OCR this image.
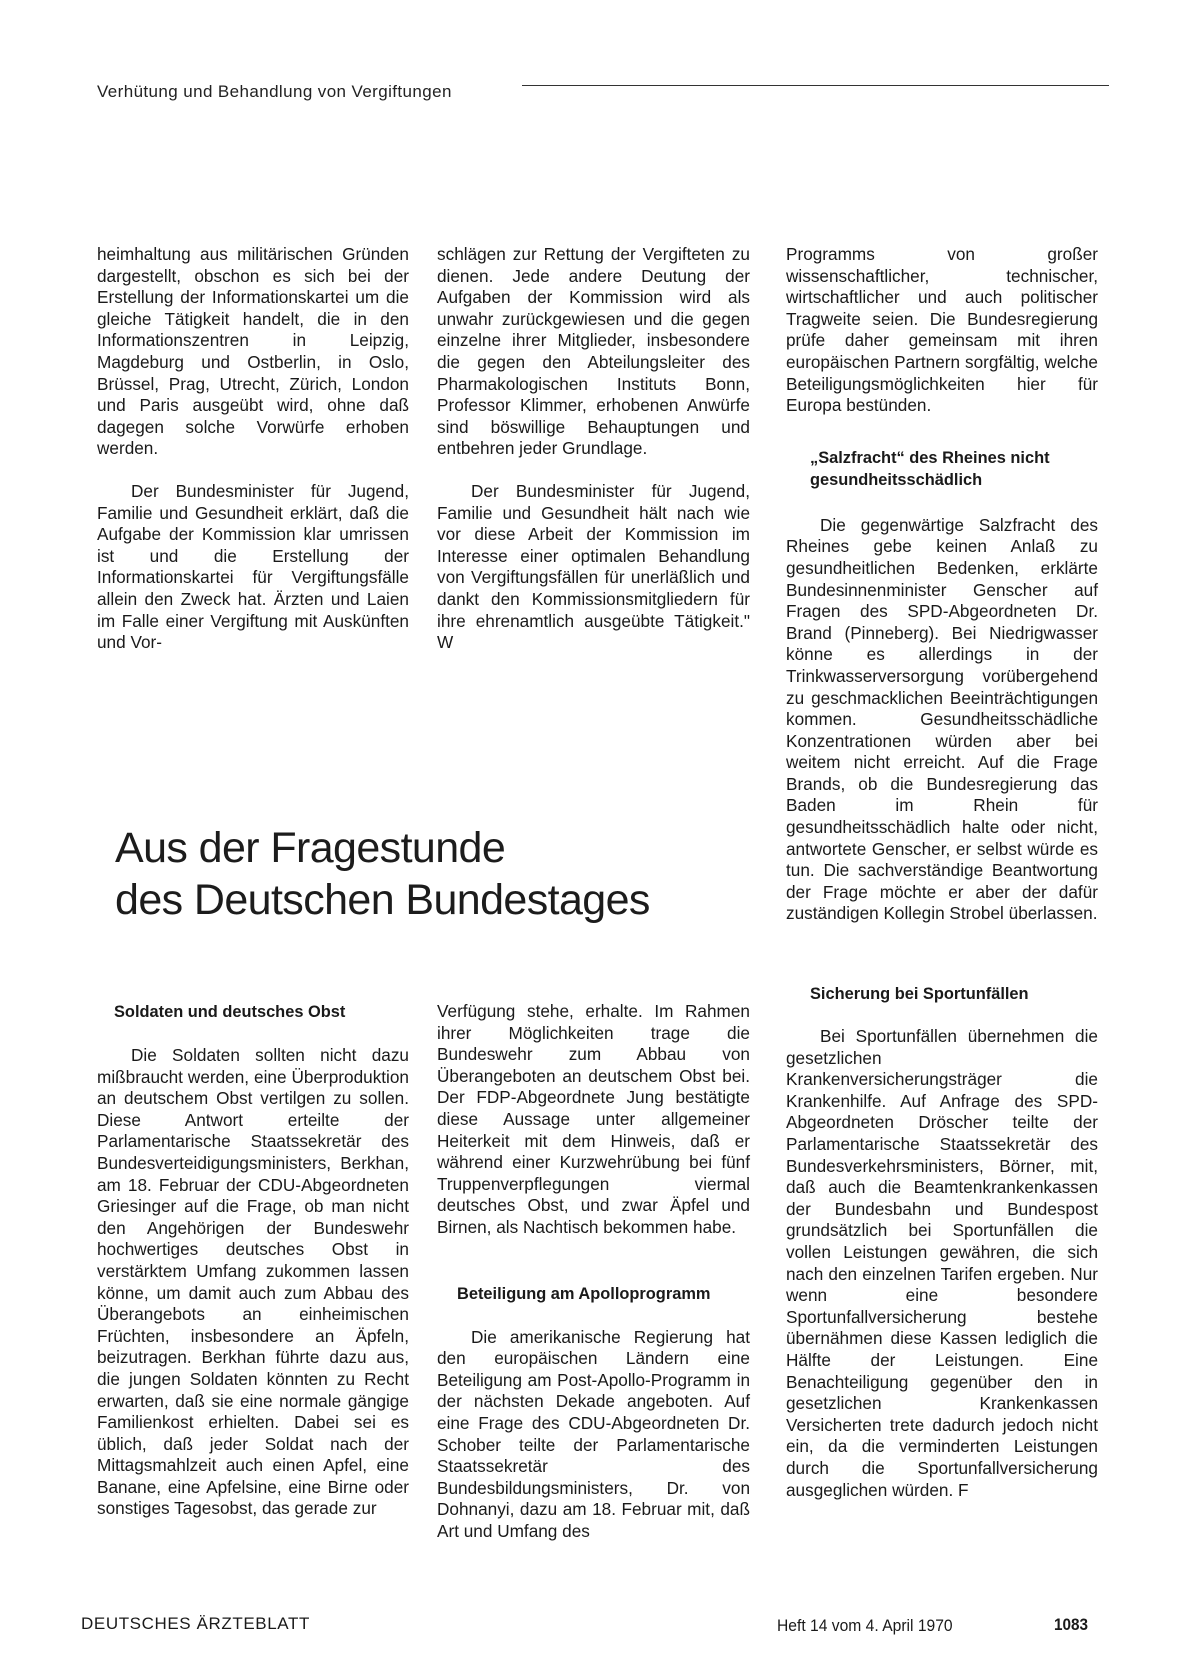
Verhütung und Behandlung von Vergiftungen

heimhaltung aus militärischen Gründen dargestellt, obschon es sich bei der Erstellung der Informationskartei um die gleiche Tätigkeit handelt, die in den Informationszentren in Leipzig, Magdeburg und Ostberlin, in Oslo, Brüssel, Prag, Utrecht, Zürich, London und Paris ausgeübt wird, ohne daß dagegen solche Vorwürfe erhoben werden.

Der Bundesminister für Jugend, Familie und Gesundheit erklärt, daß die Aufgabe der Kommission klar umrissen ist und die Erstellung der Informationskartei für Vergiftungsfälle allein den Zweck hat. Ärzten und Laien im Falle einer Vergiftung mit Auskünften und Vor-

schlägen zur Rettung der Vergifteten zu dienen. Jede andere Deutung der Aufgaben der Kommission wird als unwahr zurückgewiesen und die gegen einzelne ihrer Mitglieder, insbesondere die gegen den Abteilungsleiter des Pharmakologischen Instituts Bonn, Professor Klimmer, erhobenen Anwürfe sind böswillige Behauptungen und entbehren jeder Grundlage.

Der Bundesminister für Jugend, Familie und Gesundheit hält nach wie vor diese Arbeit der Kommission im Interesse einer optimalen Behandlung von Vergiftungsfällen für unerläßlich und dankt den Kommissionsmitgliedern für ihre ehrenamtlich ausgeübte Tätigkeit." W

Aus der Fragestunde
des Deutschen Bundestages

Programms von großer wissenschaftlicher, technischer, wirtschaftlicher und auch politischer Tragweite seien. Die Bundesregierung prüfe daher gemeinsam mit ihren europäischen Partnern sorgfältig, welche Beteiligungsmöglichkeiten hier für Europa bestünden.

„Salzfracht“ des Rheines nicht
gesundheitsschädlich

Die gegenwärtige Salzfracht des Rheines gebe keinen Anlaß zu gesundheitlichen Bedenken, erklärte Bundesinnenminister Genscher auf Fragen des SPD-Abgeordneten Dr. Brand (Pinneberg). Bei Niedrigwasser könne es allerdings in der Trinkwasserversorgung vorübergehend zu geschmacklichen Beeinträchtigungen kommen. Gesundheitsschädliche Konzentrationen würden aber bei weitem nicht erreicht. Auf die Frage Brands, ob die Bundesregierung das Baden im Rhein für gesundheitsschädlich halte oder nicht, antwortete Genscher, er selbst würde es tun. Die sachverständige Beantwortung der Frage möchte er aber der dafür zuständigen Kollegin Strobel überlassen.

Sicherung bei Sportunfällen

Bei Sportunfällen übernehmen die gesetzlichen Krankenversicherungsträger die Krankenhilfe. Auf Anfrage des SPD-Abgeordneten Dröscher teilte der Parlamentarische Staatssekretär des Bundesverkehrsministers, Börner, mit, daß auch die Beamtenkrankenkassen der Bundesbahn und Bundespost grundsätzlich bei Sportunfällen die vollen Leistungen gewähren, die sich nach den einzelnen Tarifen ergeben. Nur wenn eine besondere Sportunfallversicherung bestehe übernähmen diese Kassen lediglich die Hälfte der Leistungen. Eine Benachteiligung gegenüber den in gesetzlichen Krankenkassen Versicherten trete dadurch jedoch nicht ein, da die verminderten Leistungen durch die Sportunfallversicherung ausgeglichen würden. F

Soldaten und deutsches Obst

Die Soldaten sollten nicht dazu mißbraucht werden, eine Überproduktion an deutschem Obst vertilgen zu sollen. Diese Antwort erteilte der Parlamentarische Staatssekretär des Bundesverteidigungsministers, Berkhan, am 18. Februar der CDU-Abgeordneten Griesinger auf die Frage, ob man nicht den Angehörigen der Bundeswehr hochwertiges deutsches Obst in verstärktem Umfang zukommen lassen könne, um damit auch zum Abbau des Überangebots an einheimischen Früchten, insbesondere an Äpfeln, beizutragen. Berkhan führte dazu aus, die jungen Soldaten könnten zu Recht erwarten, daß sie eine normale gängige Familienkost erhielten. Dabei sei es üblich, daß jeder Soldat nach der Mittagsmahlzeit auch einen Apfel, eine Banane, eine Apfelsine, eine Birne oder sonstiges Tagesobst, das gerade zur

Verfügung stehe, erhalte. Im Rahmen ihrer Möglichkeiten trage die Bundeswehr zum Abbau von Überangeboten an deutschem Obst bei. Der FDP-Abgeordnete Jung bestätigte diese Aussage unter allgemeiner Heiterkeit mit dem Hinweis, daß er während einer Kurzwehrübung bei fünf Truppenverpflegungen viermal deutsches Obst, und zwar Äpfel und Birnen, als Nachtisch bekommen habe.

Beteiligung am Apolloprogramm

Die amerikanische Regierung hat den europäischen Ländern eine Beteiligung am Post-Apollo-Programm in der nächsten Dekade angeboten. Auf eine Frage des CDU-Abgeordneten Dr. Schober teilte der Parlamentarische Staatssekretär des Bundesbildungsministers, Dr. von Dohnanyi, dazu am 18. Februar mit, daß Art und Umfang des

DEUTSCHES ÄRZTEBLATT	Heft 14 vom 4. April 1970	1083
